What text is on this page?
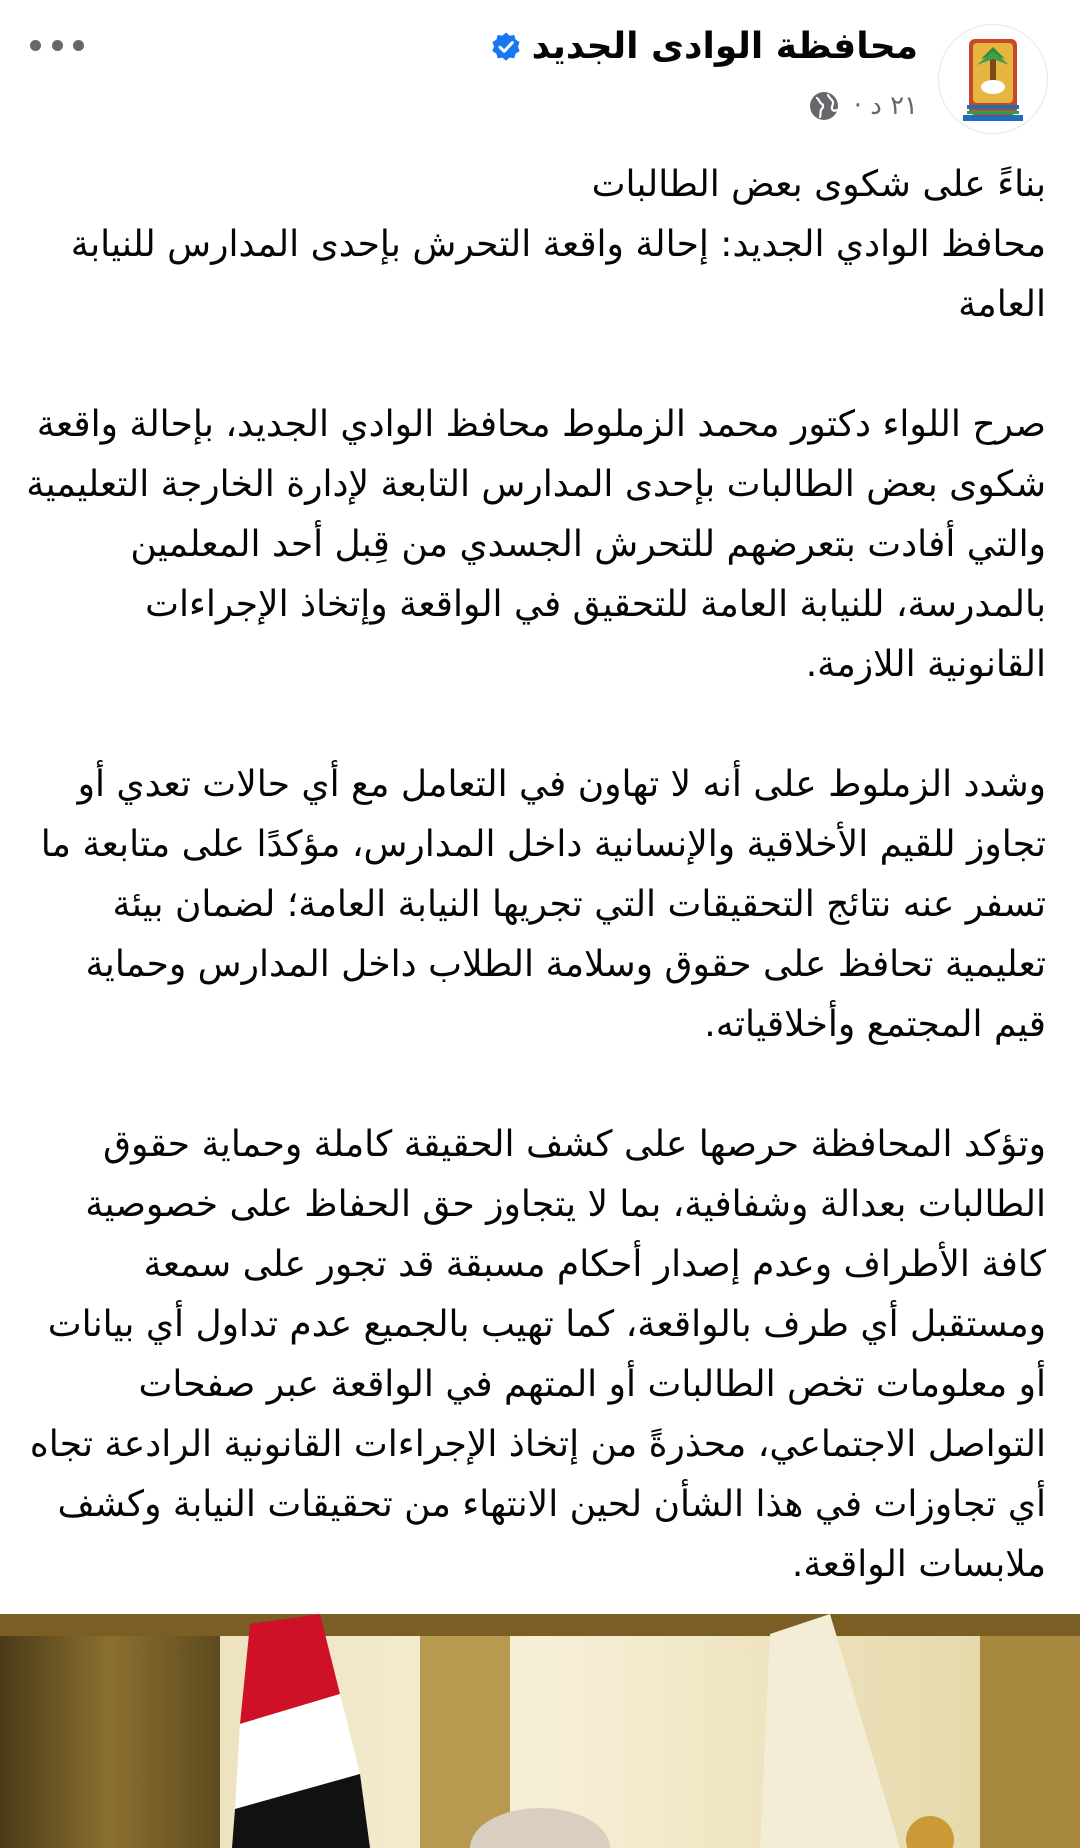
محافظة الوادى الجديد
٢١ د ·

بناءً على شكوى بعض الطالبات
محافظ الوادي الجديد: إحالة واقعة التحرش بإحدى المدارس للنيابة العامة

صرح اللواء دكتور محمد الزملوط محافظ الوادي الجديد، بإحالة واقعة شكوى بعض الطالبات بإحدى المدارس التابعة لإدارة الخارجة التعليمية والتي أفادت بتعرضهم للتحرش الجسدي من قِبل أحد المعلمين بالمدرسة، للنيابة العامة للتحقيق في الواقعة وإتخاذ الإجراءات القانونية اللازمة.

وشدد الزملوط على أنه لا تهاون في التعامل مع أي حالات تعدي أو تجاوز للقيم الأخلاقية والإنسانية داخل المدارس، مؤكدًا على متابعة ما تسفر عنه نتائج التحقيقات التي تجريها النيابة العامة؛ لضمان بيئة تعليمية تحافظ على حقوق وسلامة الطلاب داخل المدارس وحماية قيم المجتمع وأخلاقياته.

وتؤكد المحافظة حرصها على كشف الحقيقة كاملة وحماية حقوق الطالبات بعدالة وشفافية، بما لا يتجاوز حق الحفاظ على خصوصية كافة الأطراف وعدم إصدار أحكام مسبقة قد تجور على سمعة ومستقبل أي طرف بالواقعة، كما تهيب بالجميع عدم تداول أي بيانات أو معلومات تخص الطالبات أو المتهم في الواقعة عبر صفحات التواصل الاجتماعي، محذرةً من إتخاذ الإجراءات القانونية الرادعة تجاه أي تجاوزات في هذا الشأن لحين الانتهاء من تحقيقات النيابة وكشف ملابسات الواقعة.
